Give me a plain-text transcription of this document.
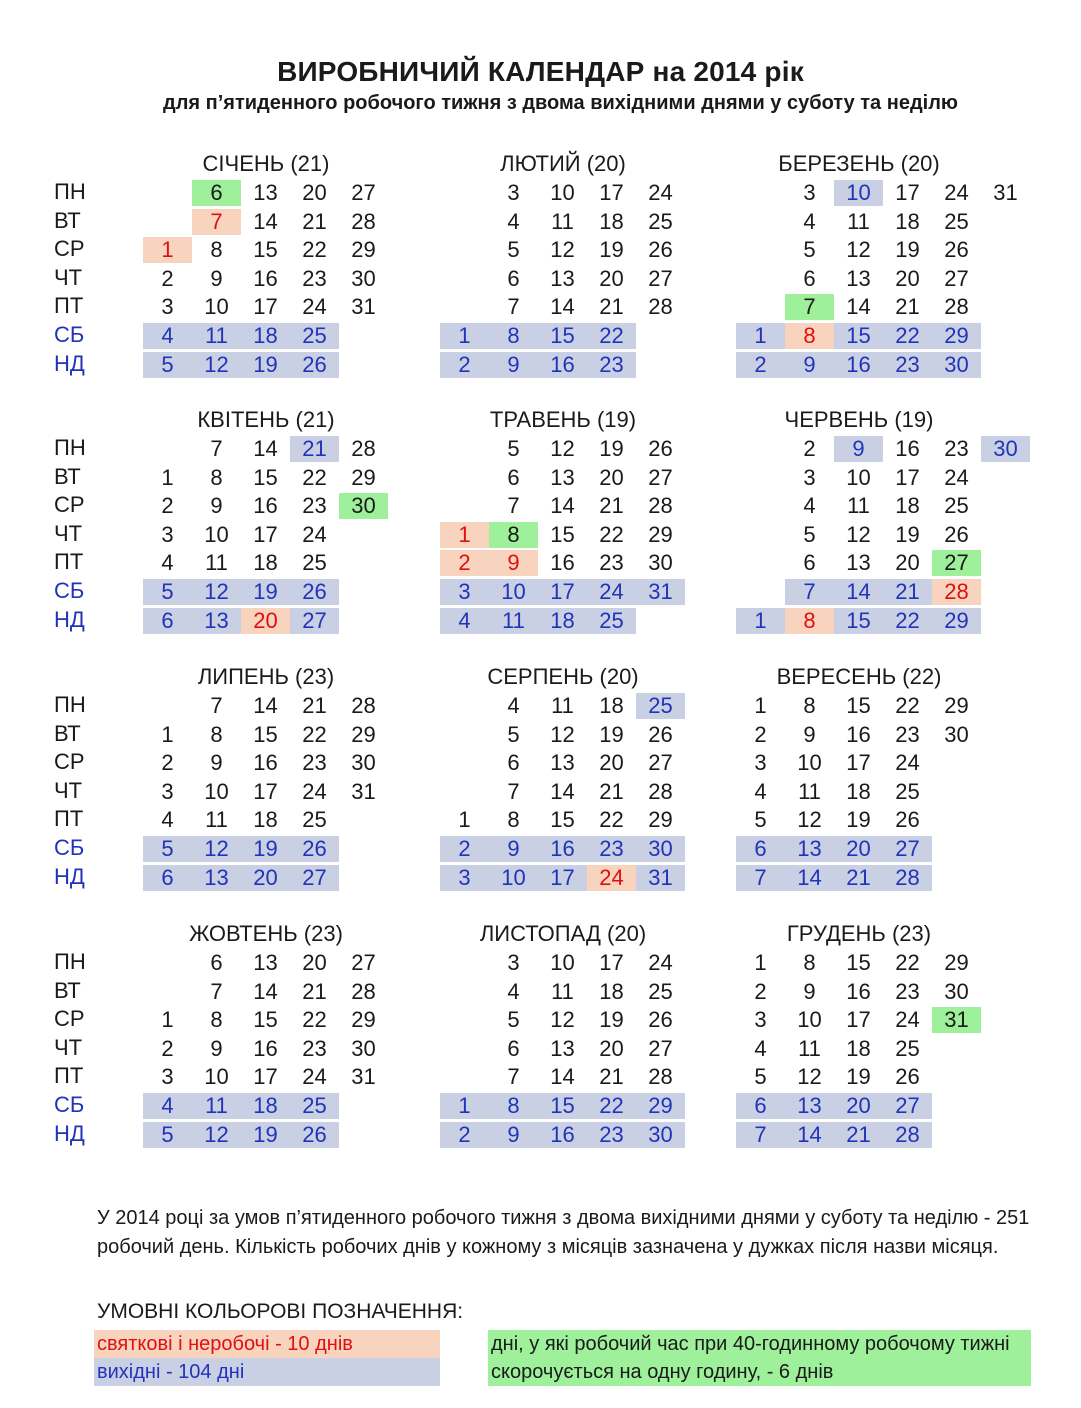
ВИРОБНИЧИЙ КАЛЕНДАР на 2014 рік
для п’ятиденного робочого тижня з двома вихідними днями у суботу та неділю
СІЧЕНЬ (21)
ПН
ВТ
СР
ЧТ
ПТ
СБ
НД
1
2
3
4
5
6
7
8
9
10
11
12
13
14
15
16
17
18
19
20
21
22
23
24
25
26
27
28
29
30
31
ЛЮТИЙ (20)
1
2
3
4
5
6
7
8
9
10
11
12
13
14
15
16
17
18
19
20
21
22
23
24
25
26
27
28
БЕРЕЗЕНЬ (20)
1
2
3
4
5
6
7
8
9
10
11
12
13
14
15
16
17
18
19
20
21
22
23
24
25
26
27
28
29
30
31
КВІТЕНЬ (21)
ПН
ВТ
СР
ЧТ
ПТ
СБ
НД
1
2
3
4
5
6
7
8
9
10
11
12
13
14
15
16
17
18
19
20
21
22
23
24
25
26
27
28
29
30
ТРАВЕНЬ (19)
1
2
3
4
5
6
7
8
9
10
11
12
13
14
15
16
17
18
19
20
21
22
23
24
25
26
27
28
29
30
31
ЧЕРВЕНЬ (19)
1
2
3
4
5
6
7
8
9
10
11
12
13
14
15
16
17
18
19
20
21
22
23
24
25
26
27
28
29
30
ЛИПЕНЬ (23)
ПН
ВТ
СР
ЧТ
ПТ
СБ
НД
1
2
3
4
5
6
7
8
9
10
11
12
13
14
15
16
17
18
19
20
21
22
23
24
25
26
27
28
29
30
31
СЕРПЕНЬ (20)
1
2
3
4
5
6
7
8
9
10
11
12
13
14
15
16
17
18
19
20
21
22
23
24
25
26
27
28
29
30
31
ВЕРЕСЕНЬ (22)
1
2
3
4
5
6
7
8
9
10
11
12
13
14
15
16
17
18
19
20
21
22
23
24
25
26
27
28
29
30
ЖОВТЕНЬ (23)
ПН
ВТ
СР
ЧТ
ПТ
СБ
НД
1
2
3
4
5
6
7
8
9
10
11
12
13
14
15
16
17
18
19
20
21
22
23
24
25
26
27
28
29
30
31
ЛИСТОПАД (20)
1
2
3
4
5
6
7
8
9
10
11
12
13
14
15
16
17
18
19
20
21
22
23
24
25
26
27
28
29
30
ГРУДЕНЬ (23)
1
2
3
4
5
6
7
8
9
10
11
12
13
14
15
16
17
18
19
20
21
22
23
24
25
26
27
28
29
30
31

У 2014 році за умов п’ятиденного робочого тижня з двома вихідними днями у суботу та неділю - 251 робочий день. Кількість робочих днів у кожному з місяців зазначена у дужках після назви місяця.

УМОВНІ КОЛЬОРОВІ ПОЗНАЧЕННЯ:

святкові і неробочі - 10 днів
вихідні - 104 дні
дні, у які робочий час при 40-годинному робочому тижні скорочується на одну годину, - 6 днів
